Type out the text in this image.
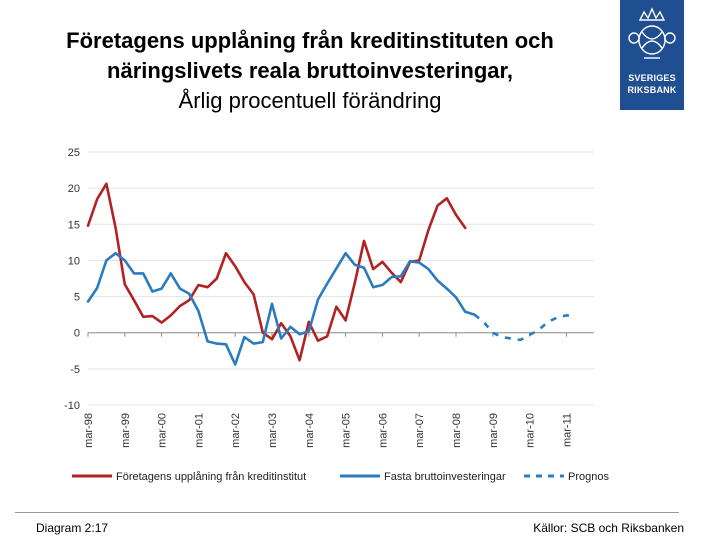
Företagens upplåning från kreditinstituten och
näringslivets reala bruttoinvesteringar,
Årlig procentuell förändring
SVERIGES
RIKSBANK
25
20
15
10
5
0
-5
-10
mar-98 mar-99 mar-00 mar-01 mar-02 mar-03 mar-04 mar-05 mar-06 mar-07 mar-08 mar-09 mar-10 mar-11
Företagens upplåning från kreditinstitut	Fasta bruttoinvesteringar	Prognos
Diagram 2:17	Källor: SCB och Riksbanken
